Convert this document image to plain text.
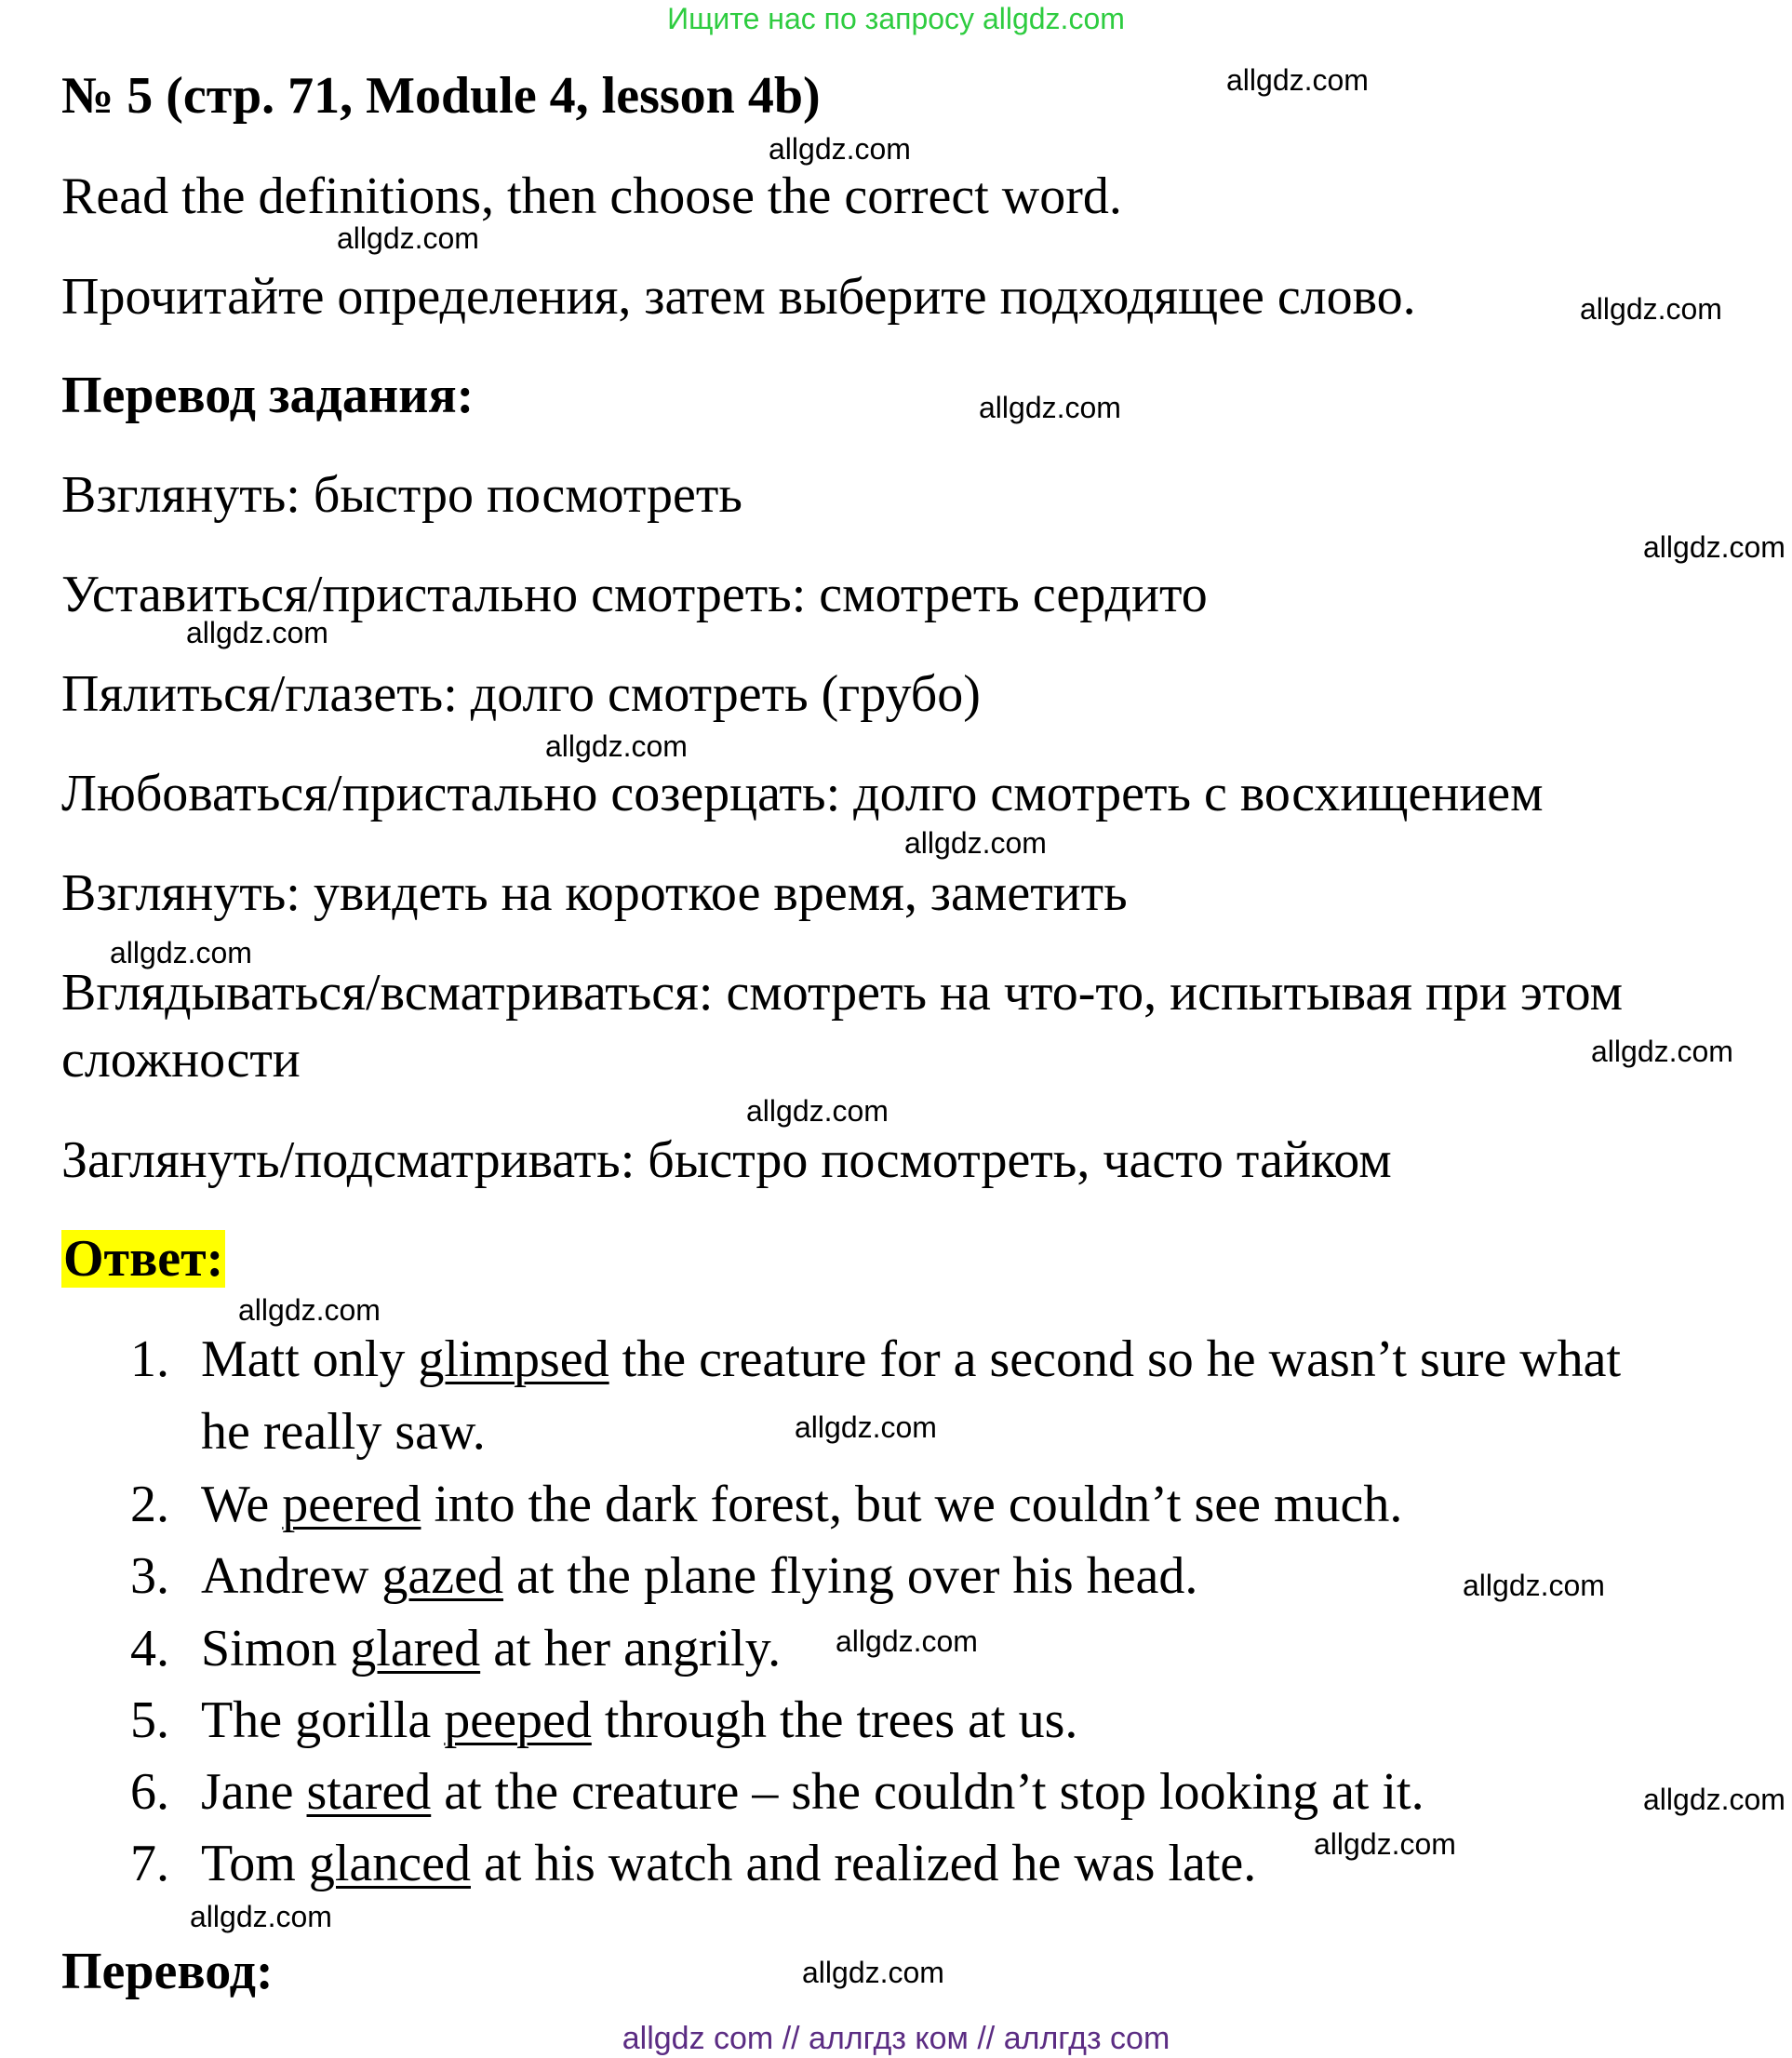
Ищите нас по запросу allgdz.com
№ 5 (стр. 71, Module 4, lesson 4b)
Read the definitions, then choose the correct word.
Прочитайте определения, затем выберите подходящее слово.
Перевод задания:
Взглянуть: быстро посмотреть
Уставиться/пристально смотреть: смотреть сердито
Пялиться/глазеть: долго смотреть (грубо)
Любоваться/пристально созерцать: долго смотреть с восхищением
Взглянуть: увидеть на короткое время, заметить
Вглядываться/всматриваться: смотреть на что-то, испытывая при этом
сложности
Заглянуть/подсматривать: быстро посмотреть, часто тайком
Ответ:
1. Matt only glimpsed the creature for a second so he wasn’t sure what
he really saw.
2. We peered into the dark forest, but we couldn’t see much.
3. Andrew gazed at the plane flying over his head.
4. Simon glared at her angrily.
5. The gorilla peeped through the trees at us.
6. Jane stared at the creature – she couldn’t stop looking at it.
7. Tom glanced at his watch and realized he was late.
Перевод:
allgdz.com
allgdz.com
allgdz.com
allgdz.com
allgdz.com
allgdz.com
allgdz.com
allgdz.com
allgdz.com
allgdz.com
allgdz.com
allgdz.com
allgdz.com
allgdz.com
allgdz.com
allgdz.com
allgdz.com
allgdz.com
allgdz.com
allgdz.com
allgdz com // аллгдз ком // аллгдз com
